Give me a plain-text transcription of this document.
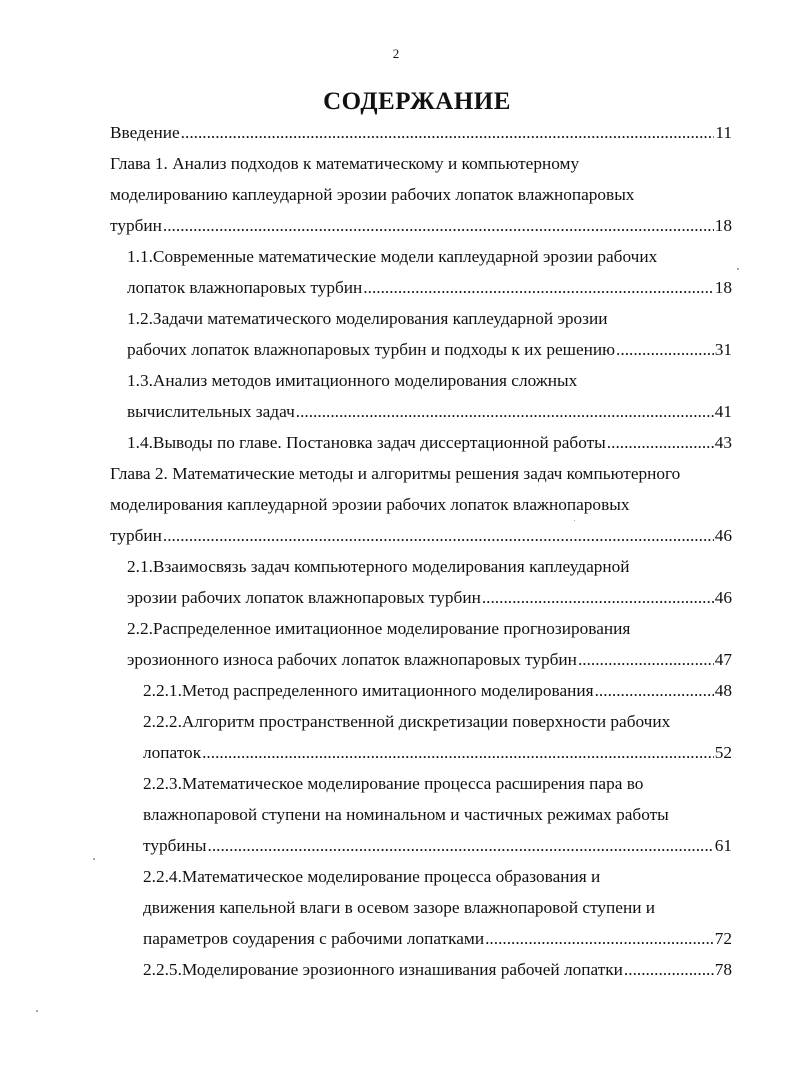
2
СОДЕРЖАНИЕ
Введение .....	11
Глава 1. Анализ подходов к математическому и компьютерному
моделированию каплеударной эрозии рабочих лопаток влажнопаровых
турбин .....	18
1.1.Современные математические модели каплеударной эрозии рабочих
лопаток влажнопаровых турбин .....	18
1.2.Задачи математического моделирования каплеударной эрозии
рабочих лопаток влажнопаровых турбин и подходы к их решению .....	31
1.3.Анализ методов имитационного моделирования сложных
вычислительных задач .....	41
1.4. Выводы по главе. Постановка задач диссертационной работы .....	43
Глава 2. Математические методы и алгоритмы решения задач компьютерного
моделирования каплеударной эрозии рабочих лопаток влажнопаровых
турбин .....	46
2.1.Взаимосвязь задач компьютерного моделирования каплеударной
эрозии рабочих лопаток влажнопаровых турбин .....	46
2.2.Распределенное имитационное моделирование прогнозирования
эрозионного износа рабочих лопаток влажнопаровых турбин .....	47
2.2.1. Метод распределенного имитационного моделирования .....	48
2.2.2.Алгоритм пространственной дискретизации поверхности рабочих
лопаток .....	52
2.2.3.Математическое моделирование процесса расширения пара во
влажнопаровой ступени на номинальном и частичных режимах работы
турбины .....	61
2.2.4.Математическое моделирование процесса образования и
движения капельной влаги в осевом зазоре влажнопаровой ступени и
параметров соударения с рабочими лопатками .....	72
2.2.5. Моделирование эрозионного изнашивания рабочей лопатки .....	78
